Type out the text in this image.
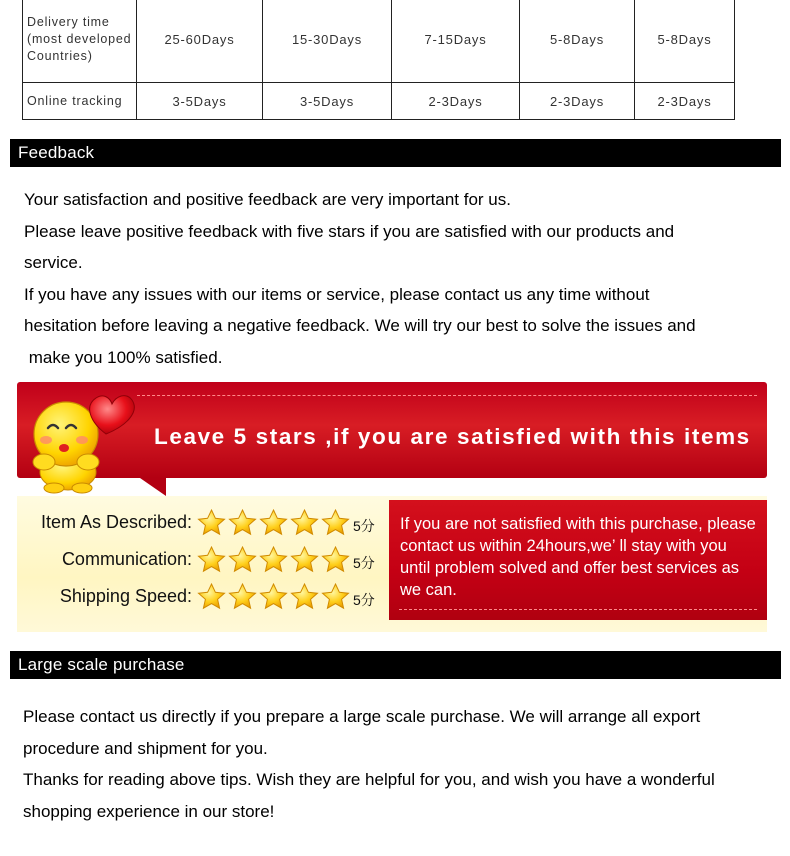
Delivery time
(most developed
Countries)	25-60Days	15-30Days	7-15Days	5-8Days	5-8Days
Online tracking	3-5Days	3-5Days	2-3Days	2-3Days	2-3Days
Feedback

Your satisfaction and positive feedback are very important for us.

Please leave positive feedback with five stars if you are satisfied with our products and

service.

If you have any issues with our items or service, please contact us any time without

hesitation before leaving a negative feedback. We will try our best to solve the issues and

make you 100% satisfied.

Leave 5 stars ,if you are satisfied with this items
Item As Described:	5分
Communication:	5分
Shipping Speed:	5分
If you are not satisfied with this purchase, please contact us within 24hours,we’ ll stay with you until problem solved and offer best services as we can.
Large scale purchase

Please contact us directly if you prepare a large scale purchase. We will arrange all export

procedure and shipment for you.

Thanks for reading above tips. Wish they are helpful for you, and wish you have a wonderful

shopping experience in our store!
